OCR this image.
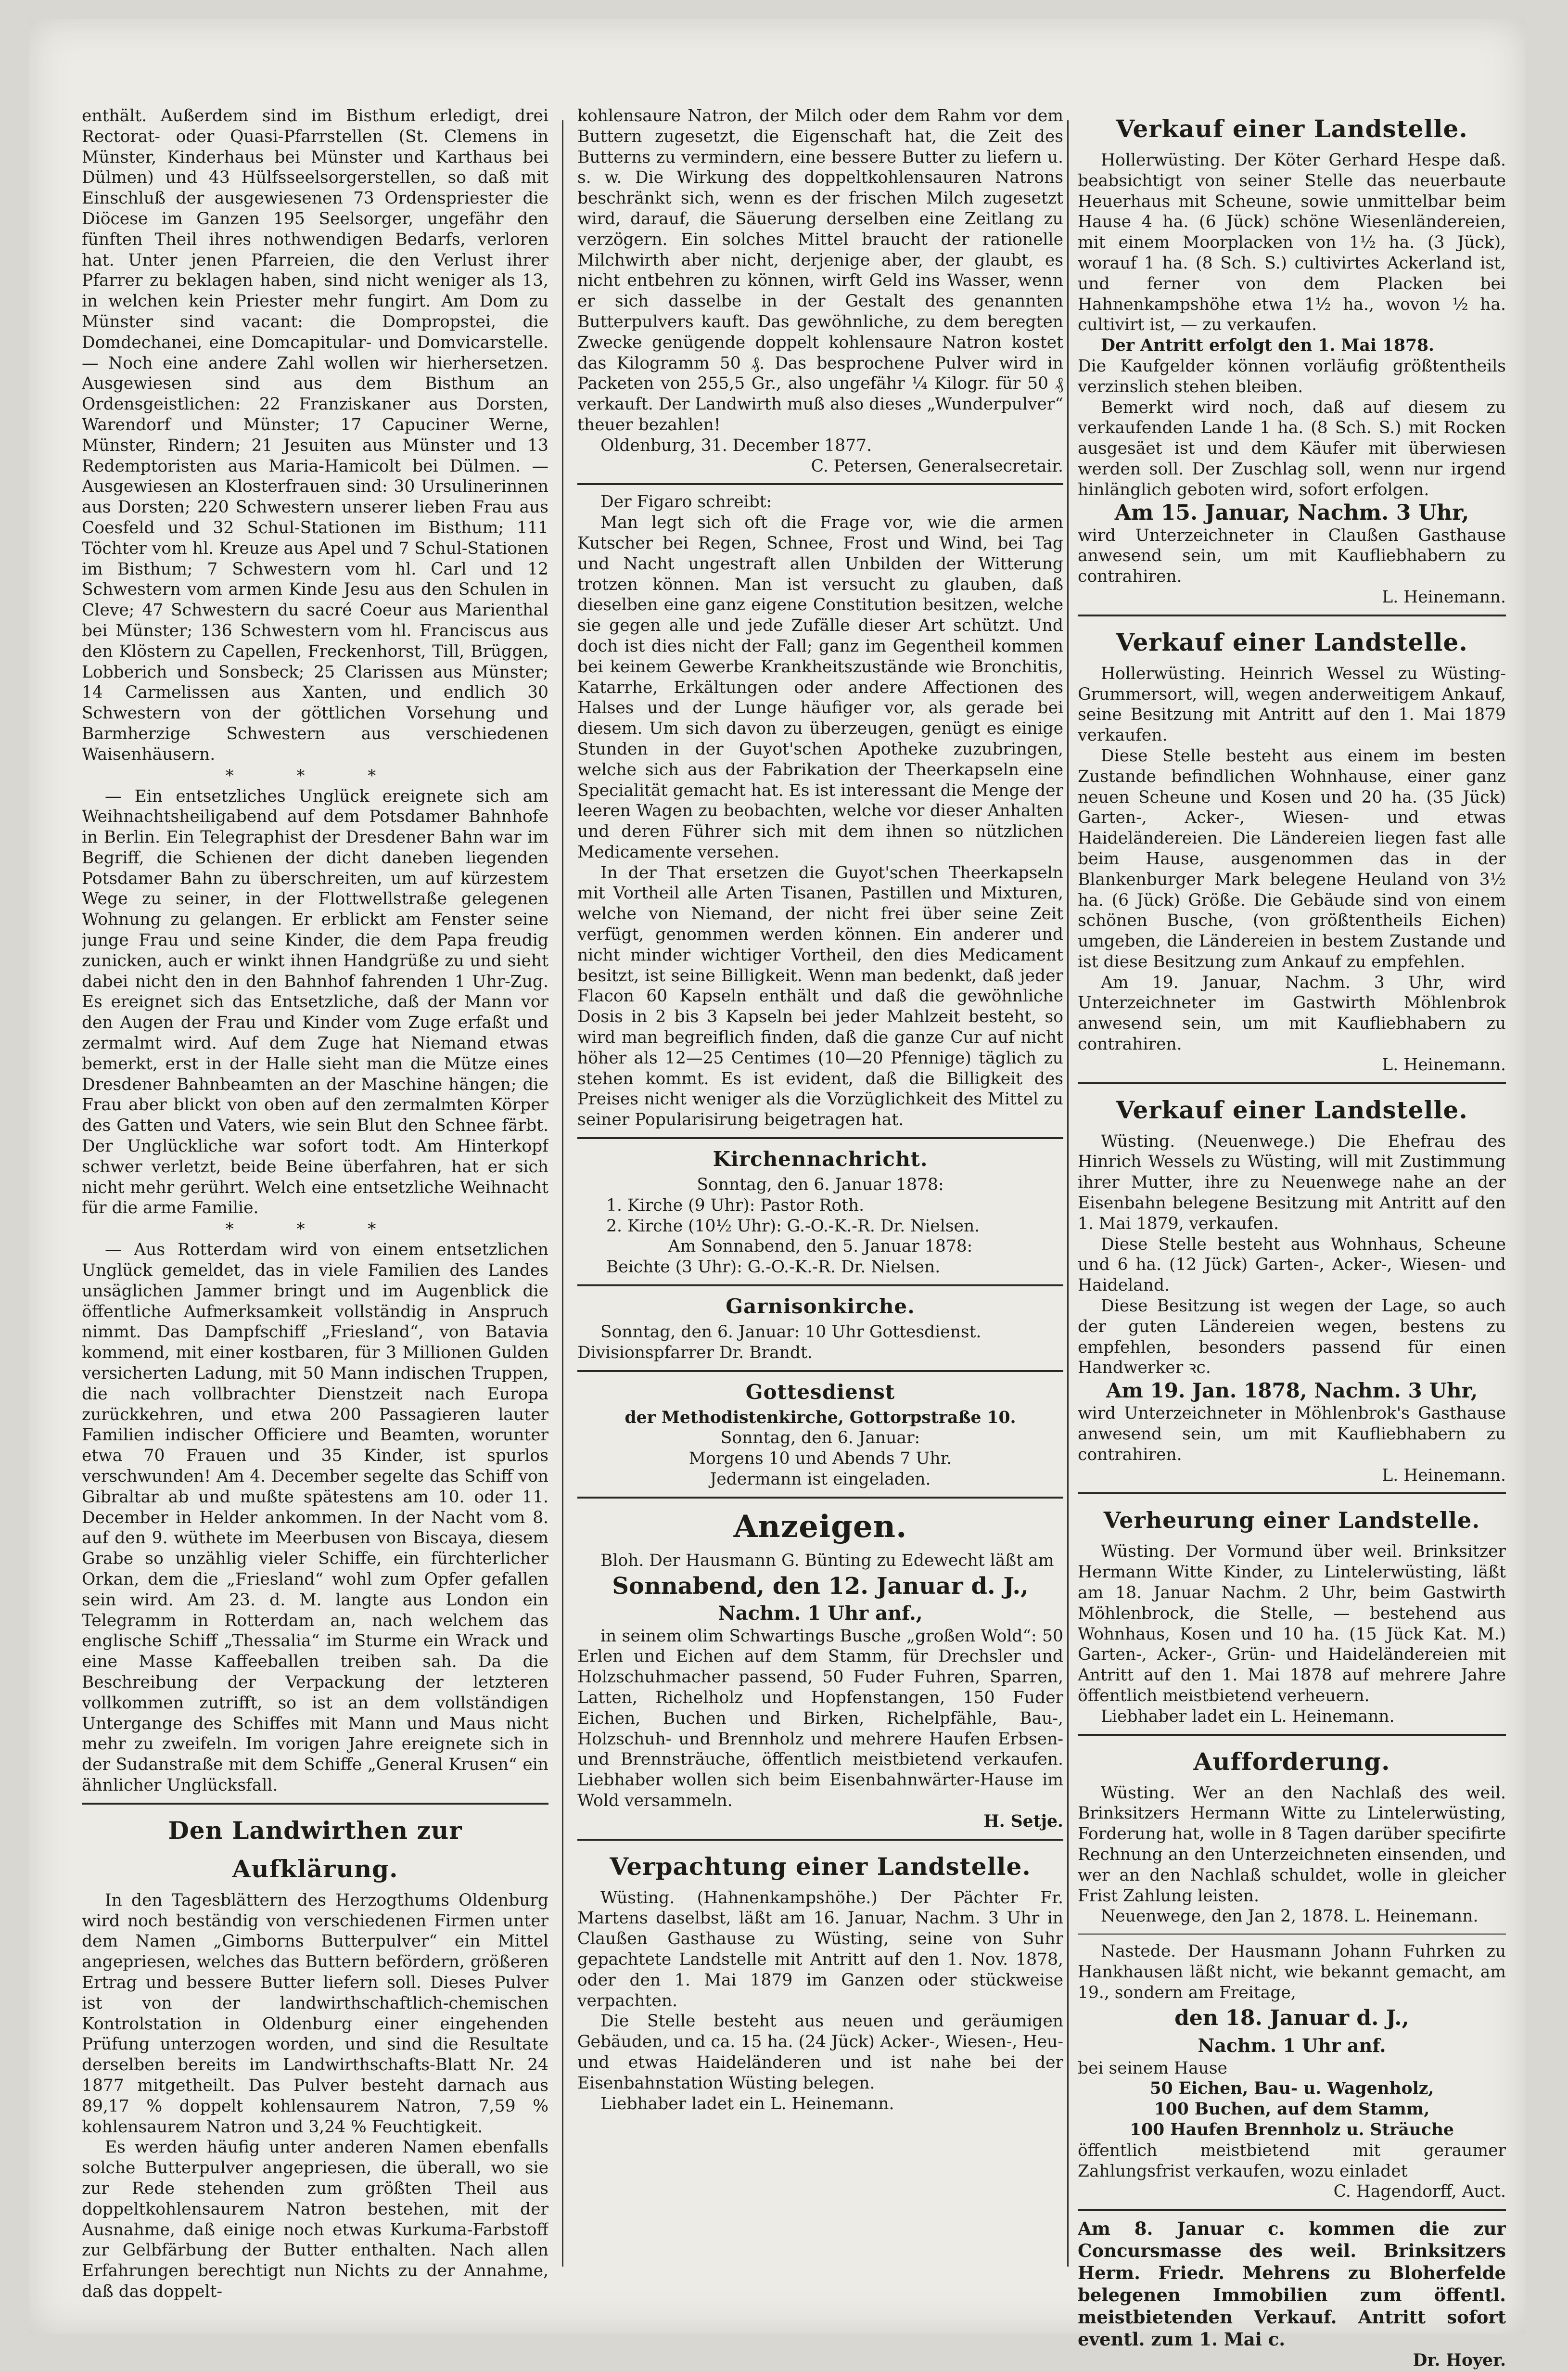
enthält. Außerdem sind im Bisthum erledigt, drei Rectorat- oder Quasi-Pfarrstellen (St. Clemens in Münster, Kinderhaus bei Münster und Karthaus bei Dülmen) und 43 Hülfsseelsorgerstellen, so daß mit Einschluß der ausgewiesenen 73 Ordenspriester die Diöcese im Ganzen 195 Seelsorger, ungefähr den fünften Theil ihres nothwendigen Bedarfs, verloren hat. Unter jenen Pfarreien, die den Verlust ihrer Pfarrer zu beklagen haben, sind nicht weniger als 13, in welchen kein Priester mehr fungirt. Am Dom zu Münster sind vacant: die Dompropstei, die Domdechanei, eine Domcapitular- und Domvicarstelle. — Noch eine andere Zahl wollen wir hierhersetzen. Ausgewiesen sind aus dem Bisthum an Ordensgeistlichen: 22 Franziskaner aus Dorsten, Warendorf und Münster; 17 Capuciner Werne, Münster, Rindern; 21 Jesuiten aus Münster und 13 Redemptoristen aus Maria-Hamicolt bei Dülmen. — Ausgewiesen an Klosterfrauen sind: 30 Ursulinerinnen aus Dorsten; 220 Schwestern unserer lieben Frau aus Coesfeld und 32 Schul-Stationen im Bisthum; 111 Töchter vom hl. Kreuze aus Apel und 7 Schul-Stationen im Bisthum; 7 Schwestern vom hl. Carl und 12 Schwestern vom armen Kinde Jesu aus den Schulen in Cleve; 47 Schwestern du sacré Coeur aus Marienthal bei Münster; 136 Schwestern vom hl. Franciscus aus den Klöstern zu Capellen, Freckenhorst, Till, Brüggen, Lobberich und Sonsbeck; 25 Clarissen aus Münster; 14 Carmelissen aus Xanten, und endlich 30 Schwestern von der göttlichen Vorsehung und Barmherzige Schwestern aus verschiedenen Waisenhäusern.

* * *

— Ein entsetzliches Unglück ereignete sich am Weihnachtsheiligabend auf dem Potsdamer Bahnhofe in Berlin. Ein Telegraphist der Dresdener Bahn war im Begriff, die Schienen der dicht daneben liegenden Potsdamer Bahn zu überschreiten, um auf kürzestem Wege zu seiner, in der Flottwellstraße gelegenen Wohnung zu gelangen. Er erblickt am Fenster seine junge Frau und seine Kinder, die dem Papa freudig zunicken, auch er winkt ihnen Handgrüße zu und sieht dabei nicht den in den Bahnhof fahrenden 1 Uhr-Zug. Es ereignet sich das Entsetzliche, daß der Mann vor den Augen der Frau und Kinder vom Zuge erfaßt und zermalmt wird. Auf dem Zuge hat Niemand etwas bemerkt, erst in der Halle sieht man die Mütze eines Dresdener Bahnbeamten an der Maschine hängen; die Frau aber blickt von oben auf den zermalmten Körper des Gatten und Vaters, wie sein Blut den Schnee färbt. Der Unglückliche war sofort todt. Am Hinterkopf schwer verletzt, beide Beine überfahren, hat er sich nicht mehr gerührt. Welch eine entsetzliche Weihnacht für die arme Familie.

* * *

— Aus Rotterdam wird von einem entsetzlichen Unglück gemeldet, das in viele Familien des Landes unsäglichen Jammer bringt und im Augenblick die öffentliche Aufmerksamkeit vollständig in Anspruch nimmt. Das Dampfschiff „Friesland“, von Batavia kommend, mit einer kostbaren, für 3 Millionen Gulden versicherten Ladung, mit 50 Mann indischen Truppen, die nach vollbrachter Dienstzeit nach Europa zurückkehren, und etwa 200 Passagieren lauter Familien indischer Officiere und Beamten, worunter etwa 70 Frauen und 35 Kinder, ist spurlos verschwunden! Am 4. December segelte das Schiff von Gibraltar ab und mußte spätestens am 10. oder 11. December in Helder ankommen. In der Nacht vom 8. auf den 9. wüthete im Meerbusen von Biscaya, diesem Grabe so unzählig vieler Schiffe, ein fürchterlicher Orkan, dem die „Friesland“ wohl zum Opfer gefallen sein wird. Am 23. d. M. langte aus London ein Telegramm in Rotterdam an, nach welchem das englische Schiff „Thessalia“ im Sturme ein Wrack und eine Masse Kaffeeballen treiben sah. Da die Beschreibung der Verpackung der letzteren vollkommen zutrifft, so ist an dem vollständigen Untergange des Schiffes mit Mann und Maus nicht mehr zu zweifeln. Im vorigen Jahre ereignete sich in der Sudanstraße mit dem Schiffe „General Krusen“ ein ähnlicher Unglücksfall.

Den Landwirthen zur Aufklärung.

In den Tagesblättern des Herzogthums Oldenburg wird noch beständig von verschiedenen Firmen unter dem Namen „Gimborns Butterpulver“ ein Mittel angepriesen, welches das Buttern befördern, größeren Ertrag und bessere Butter liefern soll. Dieses Pulver ist von der landwirthschaftlich-chemischen Kontrolstation in Oldenburg einer eingehenden Prüfung unterzogen worden, und sind die Resultate derselben bereits im Landwirthschafts-Blatt Nr. 24 1877 mitgetheilt. Das Pulver besteht darnach aus 89,17 % doppelt kohlensaurem Natron, 7,59 % kohlensaurem Natron und 3,24 % Feuchtigkeit.

Es werden häufig unter anderen Namen ebenfalls solche Butterpulver angepriesen, die überall, wo sie zur Rede stehenden zum größten Theil aus doppeltkohlensaurem Natron bestehen, mit der Ausnahme, daß einige noch etwas Kurkuma-Farbstoff zur Gelbfärbung der Butter enthalten. Nach allen Erfahrungen berechtigt nun Nichts zu der Annahme, daß das doppelt-

kohlensaure Natron, der Milch oder dem Rahm vor dem Buttern zugesetzt, die Eigenschaft hat, die Zeit des Butterns zu vermindern, eine bessere Butter zu liefern u. s. w. Die Wirkung des doppeltkohlensauren Natrons beschränkt sich, wenn es der frischen Milch zugesetzt wird, darauf, die Säuerung derselben eine Zeitlang zu verzögern. Ein solches Mittel braucht der rationelle Milchwirth aber nicht, derjenige aber, der glaubt, es nicht entbehren zu können, wirft Geld ins Wasser, wenn er sich dasselbe in der Gestalt des genannten Butterpulvers kauft. Das gewöhnliche, zu dem beregten Zwecke genügende doppelt kohlensaure Natron kostet das Kilogramm 50 ₰. Das besprochene Pulver wird in Packeten von 255,5 Gr., also ungefähr ¼ Kilogr. für 50 ₰ verkauft. Der Landwirth muß also dieses „Wunderpulver“ theuer bezahlen!

Oldenburg, 31. December 1877.

C. Petersen, Generalsecretair.

Der Figaro schreibt:

Man legt sich oft die Frage vor, wie die armen Kutscher bei Regen, Schnee, Frost und Wind, bei Tag und Nacht ungestraft allen Unbilden der Witterung trotzen können. Man ist versucht zu glauben, daß dieselben eine ganz eigene Constitution besitzen, welche sie gegen alle und jede Zufälle dieser Art schützt. Und doch ist dies nicht der Fall; ganz im Gegentheil kommen bei keinem Gewerbe Krankheitszustände wie Bronchitis, Katarrhe, Erkältungen oder andere Affectionen des Halses und der Lunge häufiger vor, als gerade bei diesem. Um sich davon zu überzeugen, genügt es einige Stunden in der Guyot'schen Apotheke zuzubringen, welche sich aus der Fabrikation der Theerkapseln eine Specialität gemacht hat. Es ist interessant die Menge der leeren Wagen zu beobachten, welche vor dieser Anhalten und deren Führer sich mit dem ihnen so nützlichen Medicamente versehen.

In der That ersetzen die Guyot'schen Theerkapseln mit Vortheil alle Arten Tisanen, Pastillen und Mixturen, welche von Niemand, der nicht frei über seine Zeit verfügt, genommen werden können. Ein anderer und nicht minder wichtiger Vortheil, den dies Medicament besitzt, ist seine Billigkeit. Wenn man bedenkt, daß jeder Flacon 60 Kapseln enthält und daß die gewöhnliche Dosis in 2 bis 3 Kapseln bei jeder Mahlzeit besteht, so wird man begreiflich finden, daß die ganze Cur auf nicht höher als 12—25 Centimes (10—20 Pfennige) täglich zu stehen kommt. Es ist evident, daß die Billigkeit des Preises nicht weniger als die Vorzüglichkeit des Mittel zu seiner Popularisirung beigetragen hat.

Kirchennachricht.

Sonntag, den 6. Januar 1878:

1. Kirche (9 Uhr): Pastor Roth.

2. Kirche (10½ Uhr): G.-O.-K.-R. Dr. Nielsen.

Am Sonnabend, den 5. Januar 1878:

Beichte (3 Uhr): G.-O.-K.-R. Dr. Nielsen.

Garnisonkirche.

Sonntag, den 6. Januar: 10 Uhr Gottesdienst.

Divisionspfarrer Dr. Brandt.

Gottesdienst

der Methodistenkirche, Gottorpstraße 10.

Sonntag, den 6. Januar:

Morgens 10 und Abends 7 Uhr.

Jedermann ist eingeladen.

Anzeigen.

Bloh. Der Hausmann G. Bünting zu Edewecht läßt am

Sonnabend, den 12. Januar d. J.,
Nachm. 1 Uhr anf.,

in seinem olim Schwartings Busche „großen Wold“: 50 Erlen und Eichen auf dem Stamm, für Drechsler und Holzschuhmacher passend, 50 Fuder Fuhren, Sparren, Latten, Richelholz und Hopfenstangen, 150 Fuder Eichen, Buchen und Birken, Richelpfähle, Bau-, Holzschuh- und Brennholz und mehrere Haufen Erbsen- und Brennsträuche, öffentlich meistbietend verkaufen. Liebhaber wollen sich beim Eisenbahnwärter-Hause im Wold versammeln.

H. Setje.

Verpachtung einer Landstelle.

Wüsting. (Hahnenkampshöhe.) Der Pächter Fr. Martens daselbst, läßt am 16. Januar, Nachm. 3 Uhr in Claußen Gasthause zu Wüsting, seine von Suhr gepachtete Landstelle mit Antritt auf den 1. Nov. 1878, oder den 1. Mai 1879 im Ganzen oder stückweise verpachten.

Die Stelle besteht aus neuen und geräumigen Gebäuden, und ca. 15 ha. (24 Jück) Acker-, Wiesen-, Heu- und etwas Haideländeren und ist nahe bei der Eisenbahnstation Wüsting belegen.

Liebhaber ladet ein L. Heinemann.

Verkauf einer Landstelle.

Hollerwüsting. Der Köter Gerhard Hespe daß. beabsichtigt von seiner Stelle das neuerbaute Heuerhaus mit Scheune, sowie unmittelbar beim Hause 4 ha. (6 Jück) schöne Wiesenländereien, mit einem Moorplacken von 1½ ha. (3 Jück), worauf 1 ha. (8 Sch. S.) cultivirtes Ackerland ist, und ferner von dem Placken bei Hahnenkampshöhe etwa 1½ ha., wovon ½ ha. cultivirt ist, — zu verkaufen.

Der Antritt erfolgt den 1. Mai 1878.

Die Kaufgelder können vorläufig größtentheils verzinslich stehen bleiben.

Bemerkt wird noch, daß auf diesem zu verkaufenden Lande 1 ha. (8 Sch. S.) mit Rocken ausgesäet ist und dem Käufer mit überwiesen werden soll. Der Zuschlag soll, wenn nur irgend hinlänglich geboten wird, sofort erfolgen.

Am 15. Januar, Nachm. 3 Uhr,

wird Unterzeichneter in Claußen Gasthause anwesend sein, um mit Kaufliebhabern zu contrahiren.

L. Heinemann.

Verkauf einer Landstelle.

Hollerwüsting. Heinrich Wessel zu Wüsting-Grummersort, will, wegen anderweitigem Ankauf, seine Besitzung mit Antritt auf den 1. Mai 1879 verkaufen.

Diese Stelle besteht aus einem im besten Zustande befindlichen Wohnhause, einer ganz neuen Scheune und Kosen und 20 ha. (35 Jück) Garten-, Acker-, Wiesen- und etwas Haideländereien. Die Ländereien liegen fast alle beim Hause, ausgenommen das in der Blankenburger Mark belegene Heuland von 3½ ha. (6 Jück) Größe. Die Gebäude sind von einem schönen Busche, (von größtentheils Eichen) umgeben, die Ländereien in bestem Zustande und ist diese Besitzung zum Ankauf zu empfehlen.

Am 19. Januar, Nachm. 3 Uhr, wird Unterzeichneter im Gastwirth Möhlenbrok anwesend sein, um mit Kaufliebhabern zu contrahiren.

L. Heinemann.

Verkauf einer Landstelle.

Wüsting. (Neuenwege.) Die Ehefrau des Hinrich Wessels zu Wüsting, will mit Zustimmung ihrer Mutter, ihre zu Neuenwege nahe an der Eisenbahn belegene Besitzung mit Antritt auf den 1. Mai 1879, verkaufen.

Diese Stelle besteht aus Wohnhaus, Scheune und 6 ha. (12 Jück) Garten-, Acker-, Wiesen- und Haideland.

Diese Besitzung ist wegen der Lage, so auch der guten Ländereien wegen, bestens zu empfehlen, besonders passend für einen Handwerker ꝛc.

Am 19. Jan. 1878, Nachm. 3 Uhr,

wird Unterzeichneter in Möhlenbrok's Gasthause anwesend sein, um mit Kaufliebhabern zu contrahiren.

L. Heinemann.

Verheurung einer Landstelle.

Wüsting. Der Vormund über weil. Brinksitzer Hermann Witte Kinder, zu Lintelerwüsting, läßt am 18. Januar Nachm. 2 Uhr, beim Gastwirth Möhlenbrock, die Stelle, — bestehend aus Wohnhaus, Kosen und 10 ha. (15 Jück Kat. M.) Garten-, Acker-, Grün- und Haideländereien mit Antritt auf den 1. Mai 1878 auf mehrere Jahre öffentlich meistbietend verheuern.

Liebhaber ladet ein L. Heinemann.

Aufforderung.

Wüsting. Wer an den Nachlaß des weil. Brinksitzers Hermann Witte zu Lintelerwüsting, Forderung hat, wolle in 8 Tagen darüber specifirte Rechnung an den Unterzeichneten einsenden, und wer an den Nachlaß schuldet, wolle in gleicher Frist Zahlung leisten.

Neuenwege, den Jan 2, 1878. L. Heinemann.

Nastede. Der Hausmann Johann Fuhrken zu Hankhausen läßt nicht, wie bekannt gemacht, am 19., sondern am Freitage,

den 18. Januar d. J.,
Nachm. 1 Uhr anf.

bei seinem Hause

50 Eichen, Bau- u. Wagenholz,

100 Buchen, auf dem Stamm,

100 Haufen Brennholz u. Sträuche

öffentlich meistbietend mit geraumer Zahlungsfrist verkaufen, wozu einladet

C. Hagendorff, Auct.

Am 8. Januar c. kommen die zur Concursmasse des weil. Brinksitzers Herm. Friedr. Mehrens zu Bloherfelde belegenen Immobilien zum öffentl. meistbietenden Verkauf. Antritt sofort eventl. zum 1. Mai c.

Dr. Hoyer.
